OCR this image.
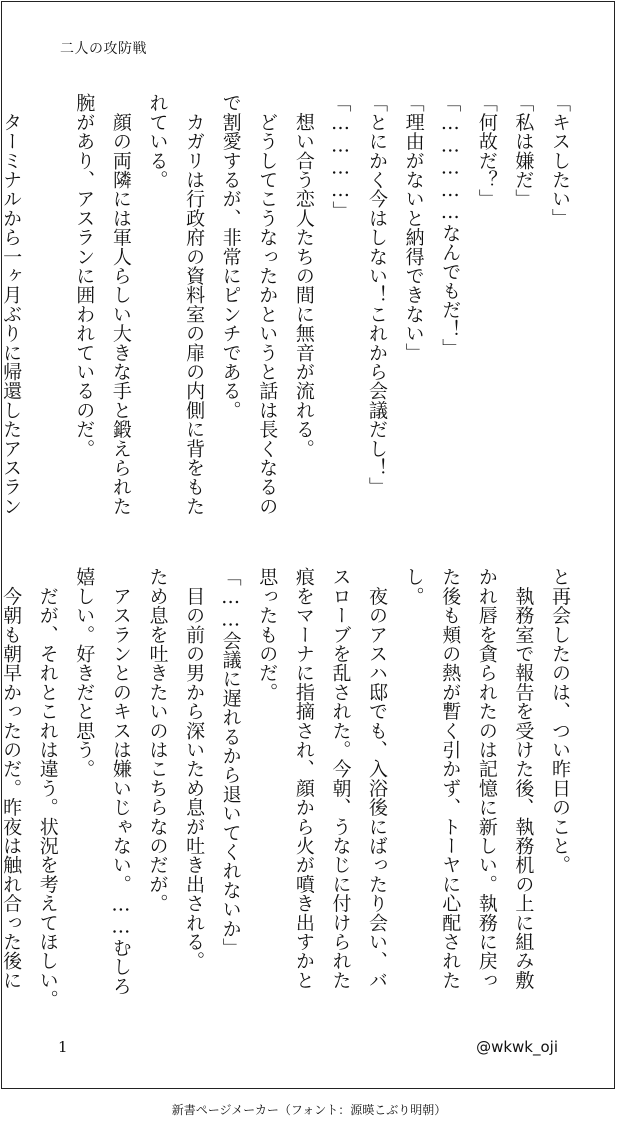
二人の攻防戦
「キスしたい」
「私は嫌だ」
「何故だ？」
「……………なんでもだ！」
「理由がないと納得できない」
「とにかく今はしない！これから会議だし！」
「…………」
　想い合う恋人たちの間に無音が流れる。
　どうしてこうなったかというと話は長くなるの
で割愛するが、非常にピンチである。
　カガリは行政府の資料室の扉の内側に背をもた
れている。
　顔の両隣には軍人らしい大きな手と鍛えられた
腕があり、アスランに囲われているのだ。
　ターミナルから一ヶ月ぶりに帰還したアスラン
と再会したのは、つい昨日のこと。
　執務室で報告を受けた後、執務机の上に組み敷
かれ唇を貪られたのは記憶に新しい。執務に戻っ
た後も頬の熱が暫く引かず、トーヤに心配された
し。
　夜のアスハ邸でも、入浴後にばったり会い、バ
スローブを乱された。今朝、うなじに付けられた
痕をマーナに指摘され、顔から火が噴き出すかと
思ったものだ。
「……会議に遅れるから退いてくれないか」
　目の前の男から深いため息が吐き出される。
ため息を吐きたいのはこちらなのだが。
　アスランとのキスは嫌いじゃない。……むしろ
嬉しい。好きだと思う。
　だが、それとこれは違う。状況を考えてほしい。
　今朝も朝早かったのだ。昨夜は触れ合った後に
1	@wkwk_oji
新書ページメーカー（フォント：源暎こぶり明朝）
